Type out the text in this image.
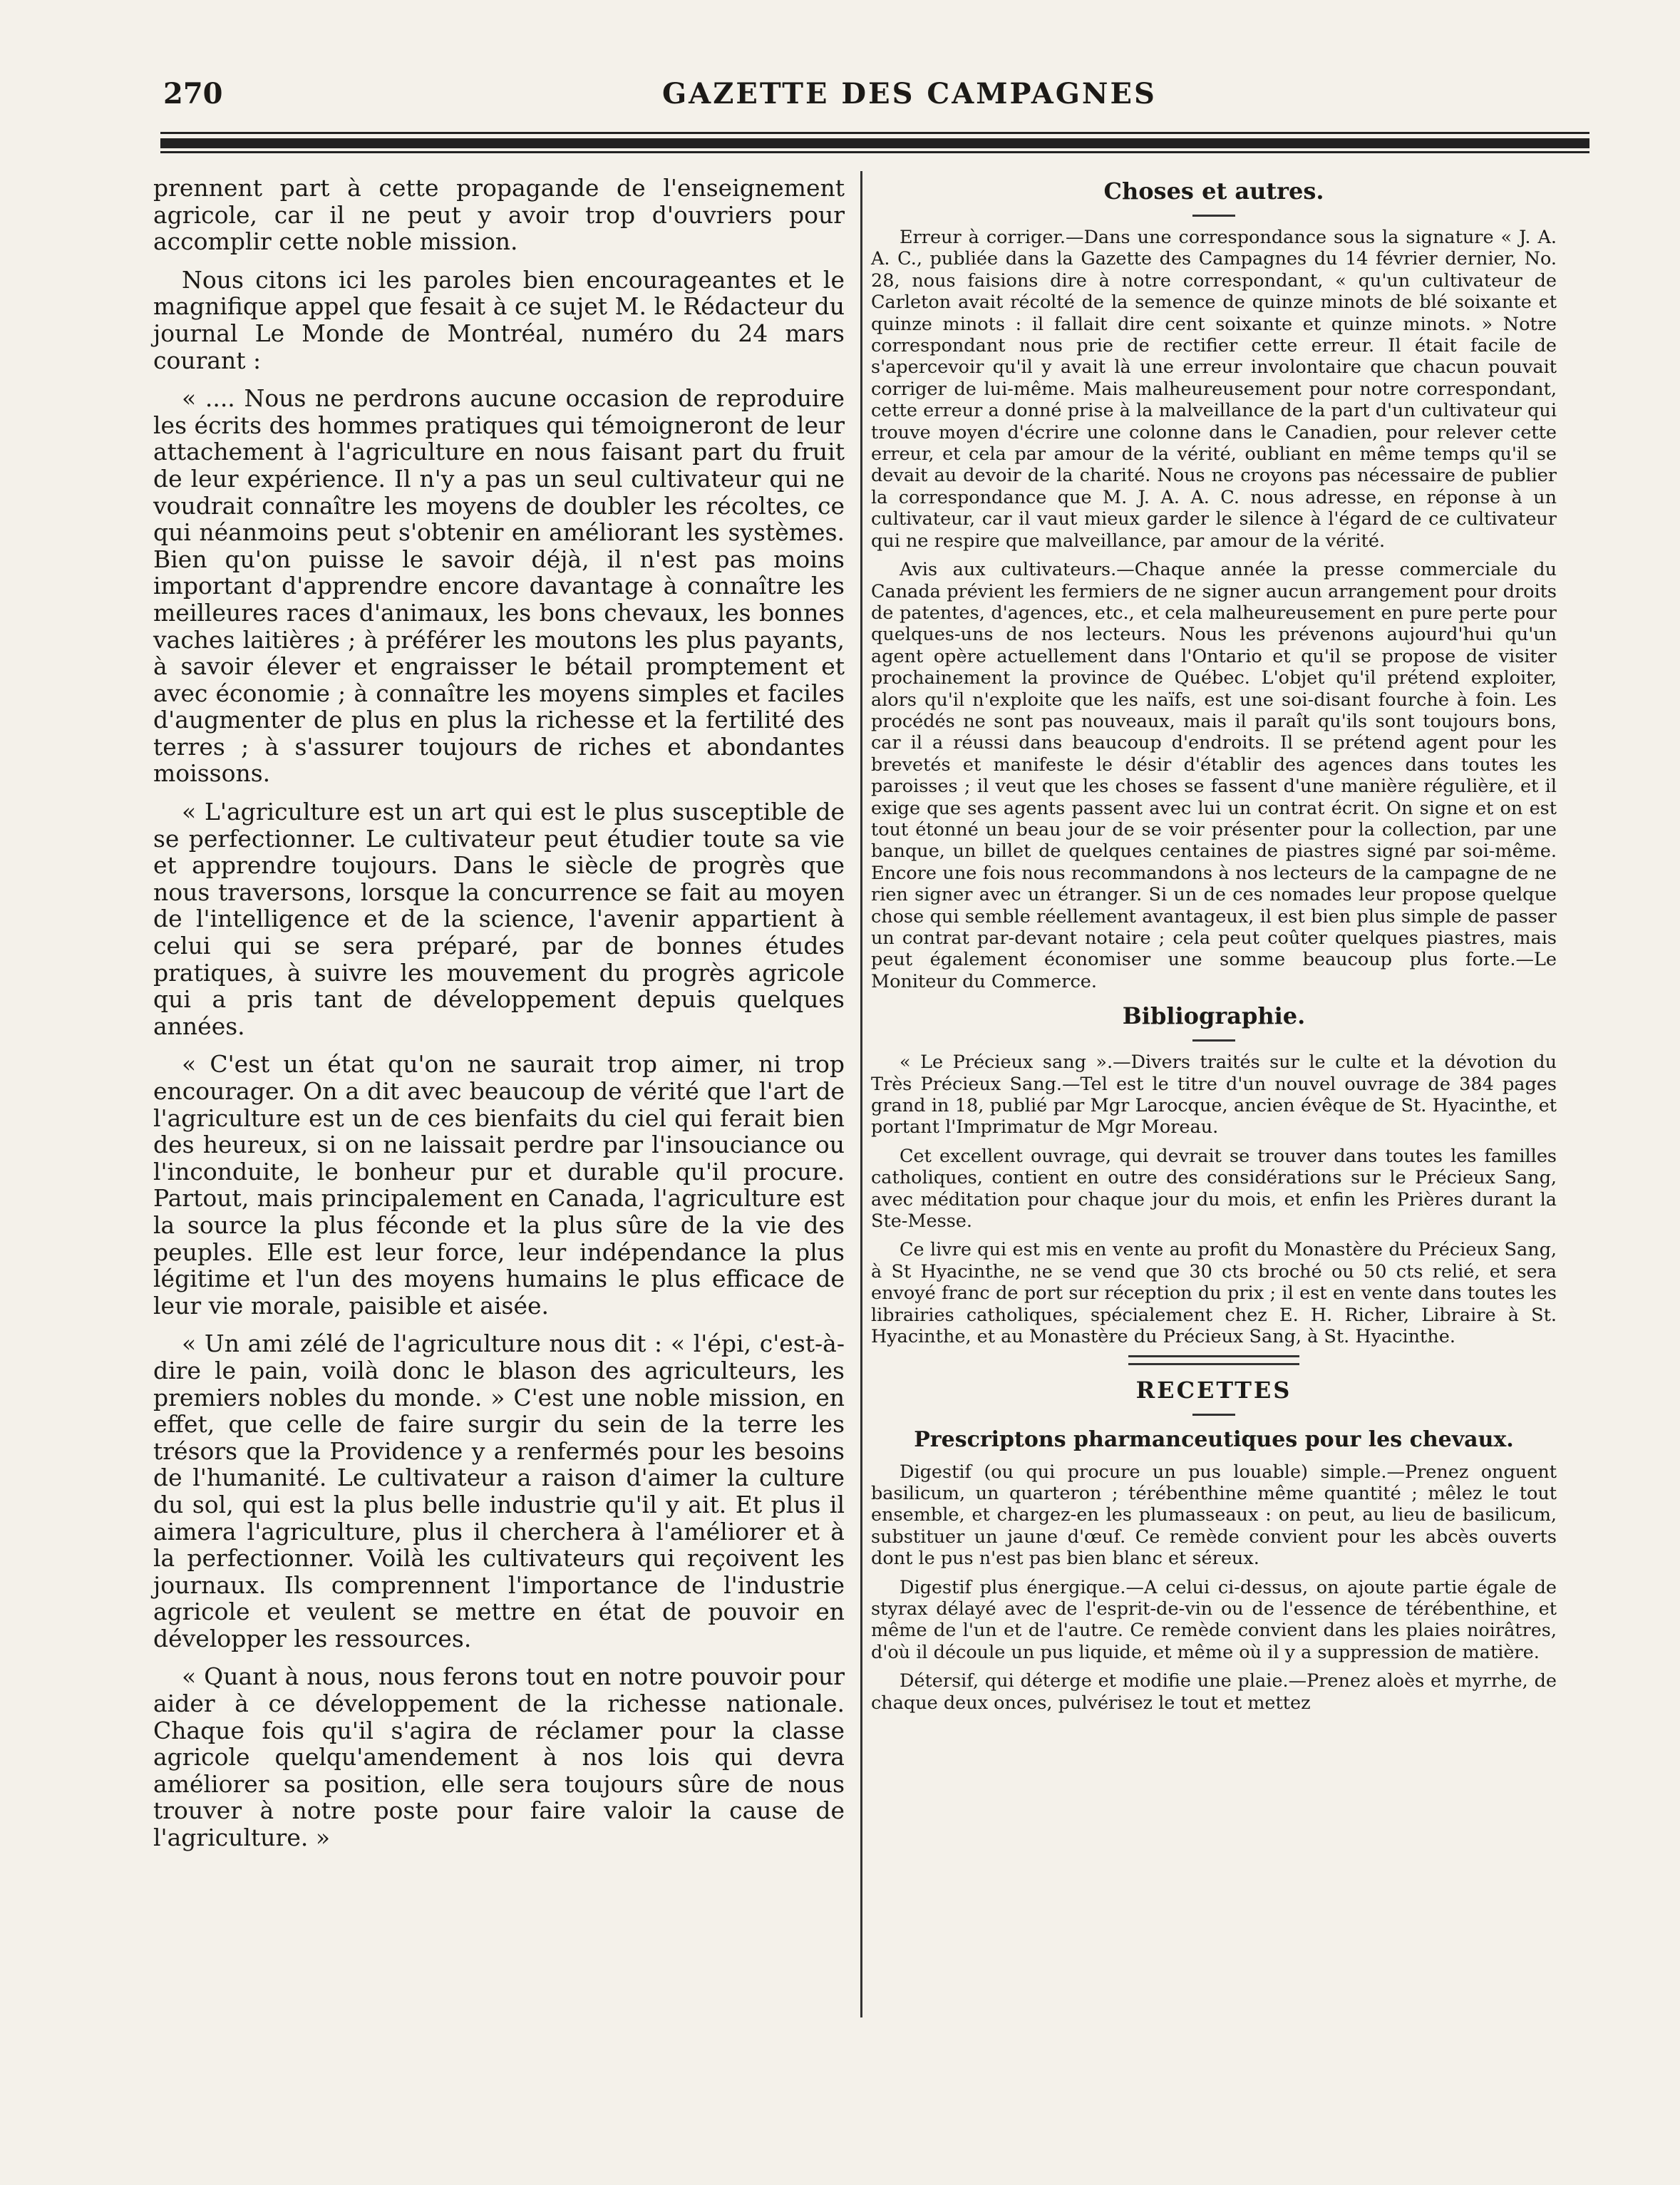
270	GAZETTE DES CAMPAGNES

prennent part à cette propagande de l'enseignement agricole, car il ne peut y avoir trop d'ouvriers pour accomplir cette noble mission.

Nous citons ici les paroles bien encourageantes et le magnifique appel que fesait à ce sujet M. le Rédacteur du journal Le Monde de Montréal, numéro du 24 mars courant :

« .... Nous ne perdrons aucune occasion de reproduire les écrits des hommes pratiques qui témoigneront de leur attachement à l'agriculture en nous faisant part du fruit de leur expérience. Il n'y a pas un seul cultivateur qui ne voudrait connaître les moyens de doubler les récoltes, ce qui néanmoins peut s'obtenir en améliorant les systèmes. Bien qu'on puisse le savoir déjà, il n'est pas moins important d'apprendre encore davantage à connaître les meilleures races d'animaux, les bons chevaux, les bonnes vaches laitières ; à préférer les moutons les plus payants, à savoir élever et engraisser le bétail promptement et avec économie ; à connaître les moyens simples et faciles d'augmenter de plus en plus la richesse et la fertilité des terres ; à s'assurer toujours de riches et abondantes moissons.

« L'agriculture est un art qui est le plus susceptible de se perfectionner. Le cultivateur peut étudier toute sa vie et apprendre toujours. Dans le siècle de progrès que nous traversons, lorsque la concurrence se fait au moyen de l'intelligence et de la science, l'avenir appartient à celui qui se sera préparé, par de bonnes études pratiques, à suivre les mouvement du progrès agricole qui a pris tant de développement depuis quelques années.

« C'est un état qu'on ne saurait trop aimer, ni trop encourager. On a dit avec beaucoup de vérité que l'art de l'agriculture est un de ces bienfaits du ciel qui ferait bien des heureux, si on ne laissait perdre par l'insouciance ou l'inconduite, le bonheur pur et durable qu'il procure. Partout, mais principalement en Canada, l'agriculture est la source la plus féconde et la plus sûre de la vie des peuples. Elle est leur force, leur indépendance la plus légitime et l'un des moyens humains le plus efficace de leur vie morale, paisible et aisée.

« Un ami zélé de l'agriculture nous dit : « l'épi, c'est-à-dire le pain, voilà donc le blason des agriculteurs, les premiers nobles du monde. » C'est une noble mission, en effet, que celle de faire surgir du sein de la terre les trésors que la Providence y a renfermés pour les besoins de l'humanité. Le cultivateur a raison d'aimer la culture du sol, qui est la plus belle industrie qu'il y ait. Et plus il aimera l'agriculture, plus il cherchera à l'améliorer et à la perfectionner. Voilà les cultivateurs qui reçoivent les journaux. Ils comprennent l'importance de l'industrie agricole et veulent se mettre en état de pouvoir en développer les ressources.

« Quant à nous, nous ferons tout en notre pouvoir pour aider à ce développement de la richesse nationale. Chaque fois qu'il s'agira de réclamer pour la classe agricole quelqu'amendement à nos lois qui devra améliorer sa position, elle sera toujours sûre de nous trouver à notre poste pour faire valoir la cause de l'agriculture. »

Choses et autres.

Erreur à corriger.—Dans une correspondance sous la signature « J. A. A. C., publiée dans la Gazette des Campagnes du 14 février dernier, No. 28, nous faisions dire à notre correspondant, « qu'un cultivateur de Carleton avait récolté de la semence de quinze minots de blé soixante et quinze minots : il fallait dire cent soixante et quinze minots. » Notre correspondant nous prie de rectifier cette erreur. Il était facile de s'apercevoir qu'il y avait là une erreur involontaire que chacun pouvait corriger de lui-même. Mais malheureusement pour notre correspondant, cette erreur a donné prise à la malveillance de la part d'un cultivateur qui trouve moyen d'écrire une colonne dans le Canadien, pour relever cette erreur, et cela par amour de la vérité, oubliant en même temps qu'il se devait au devoir de la charité. Nous ne croyons pas nécessaire de publier la correspondance que M. J. A. A. C. nous adresse, en réponse à un cultivateur, car il vaut mieux garder le silence à l'égard de ce cultivateur qui ne respire que malveillance, par amour de la vérité.

Avis aux cultivateurs.—Chaque année la presse commerciale du Canada prévient les fermiers de ne signer aucun arrangement pour droits de patentes, d'agences, etc., et cela malheureusement en pure perte pour quelques-uns de nos lecteurs. Nous les prévenons aujourd'hui qu'un agent opère actuellement dans l'Ontario et qu'il se propose de visiter prochainement la province de Québec. L'objet qu'il prétend exploiter, alors qu'il n'exploite que les naïfs, est une soi-disant fourche à foin. Les procédés ne sont pas nouveaux, mais il paraît qu'ils sont toujours bons, car il a réussi dans beaucoup d'endroits. Il se prétend agent pour les brevetés et manifeste le désir d'établir des agences dans toutes les paroisses ; il veut que les choses se fassent d'une manière régulière, et il exige que ses agents passent avec lui un contrat écrit. On signe et on est tout étonné un beau jour de se voir présenter pour la collection, par une banque, un billet de quelques centaines de piastres signé par soi-même. Encore une fois nous recommandons à nos lecteurs de la campagne de ne rien signer avec un étranger. Si un de ces nomades leur propose quelque chose qui semble réellement avantageux, il est bien plus simple de passer un contrat par-devant notaire ; cela peut coûter quelques piastres, mais peut également économiser une somme beaucoup plus forte.—Le Moniteur du Commerce.

Bibliographie.

« Le Précieux sang ».—Divers traités sur le culte et la dévotion du Très Précieux Sang.—Tel est le titre d'un nouvel ouvrage de 384 pages grand in 18, publié par Mgr Larocque, ancien évêque de St. Hyacinthe, et portant l'Imprimatur de Mgr Moreau.

Cet excellent ouvrage, qui devrait se trouver dans toutes les familles catholiques, contient en outre des considérations sur le Précieux Sang, avec méditation pour chaque jour du mois, et enfin les Prières durant la Ste-Messe.

Ce livre qui est mis en vente au profit du Monastère du Précieux Sang, à St Hyacinthe, ne se vend que 30 cts broché ou 50 cts relié, et sera envoyé franc de port sur réception du prix ; il est en vente dans toutes les librairies catholiques, spécialement chez E. H. Richer, Libraire à St. Hyacinthe, et au Monastère du Précieux Sang, à St. Hyacinthe.

RECETTES
Prescriptons pharmanceutiques pour les chevaux.

Digestif (ou qui procure un pus louable) simple.—Prenez onguent basilicum, un quarteron ; térébenthine même quantité ; mêlez le tout ensemble, et chargez-en les plumasseaux : on peut, au lieu de basilicum, substituer un jaune d'œuf. Ce remède convient pour les abcès ouverts dont le pus n'est pas bien blanc et séreux.

Digestif plus énergique.—A celui ci-dessus, on ajoute partie égale de styrax délayé avec de l'esprit-de-vin ou de l'essence de térébenthine, et même de l'un et de l'autre. Ce remède convient dans les plaies noirâtres, d'où il découle un pus liquide, et même où il y a suppression de matière.

Détersif, qui déterge et modifie une plaie.—Prenez aloès et myrrhe, de chaque deux onces, pulvérisez le tout et mettez
